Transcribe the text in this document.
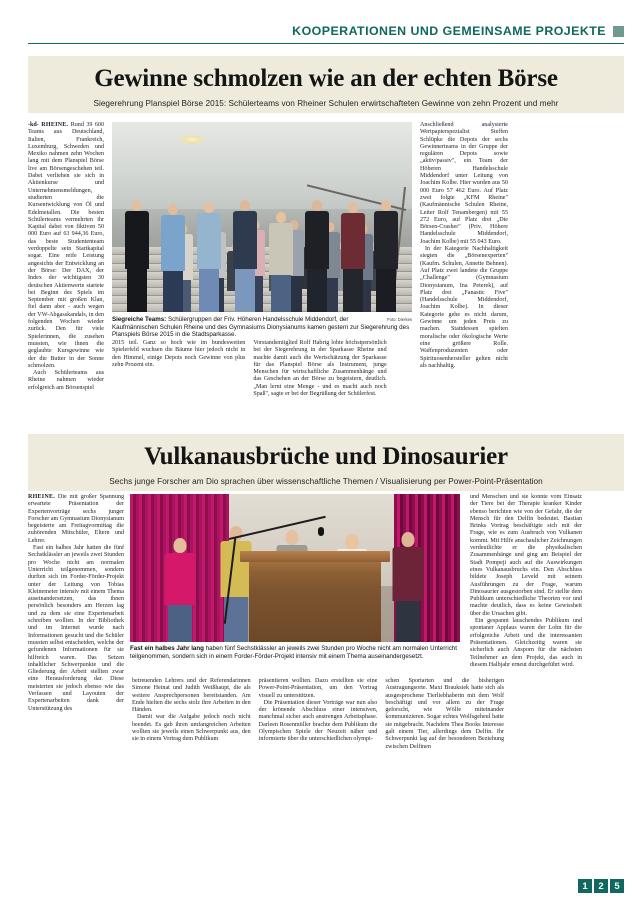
KOOPERATIONEN UND GEMEINSAME PROJEKTE
Gewinne schmolzen wie an der echten Börse
Siegerehrung Planspiel Börse 2015: Schülerteams von Rheiner Schulen erwirtschafteten Gewinne von zehn Prozent und mehr
Foto: Dierkes
Siegreiche Teams: Schülergruppen der Friv. Höheren Handelsschule Middendorf, der Kaufmännischen Schulen Rheine und des Gymnasiums Dionysianums kamen gestern zur Siegerehrung des Planspiels Börse 2015 in die Stadtsparkasse.

-kd- RHEINE. Rund 39 600 Teams aus Deutschland, Italien, Frankreich, Luxemburg, Schweden und Mexiko nahmen zehn Wochen lang mit dem Planspiel Börse live am Börsengeschehen teil. Dabei verliehen sie sich in Aktienkurse und Unternehmensmeldungen, studierten die Kursentwicklung von Öl und Edelmetallen. Die besten Schülerteams vermehrten ihr Kapital dabei von fiktiven 50 000 Euro auf 63 944,36 Euro, das beste Studententeam verdoppelte sein Startkapital sogar. Eine reife Leistung angesichts der Entwicklung an der Börse: Der DAX, der Index der wichtigsten 30 deutschen Aktienwerte startete bei Beginn des Spiels im September mit großen Klan, fiel dann aber - auch wegen der VW-Abgasskandals, in den folgenden Wochen wieder zurück. Den für viele Spielerinnen, die zusehen mussten, wie ihnen die geglaubte Kursgewinne wie der die Butter in der Sonne schmolzen.

Auch Schülerteams aus Rheine nahmen wieder erfolgreich am Börsenspiel

Anschließend analysierte Wertpapierspezialist Steffen Schlüpke die Depots der sechs Gewinnerteams in der Gruppe der regulären Depots sowie „aktiv/passiv", ein Team der Höheren Handelsschule Middendorf unter Leitung von Joachim Kolbe. Hier wurden aus 50 000 Euro 57 462 Euro. Auf Platz zwei folgte „KFM Rheine" (Kaufmännische Schulen Rheine, Leiter Rolf Tenambergen) mit 55 272 Euro, auf Platz drei „Die Börsen-Crasher" (Priv. Höhere Handelsschule Middendorf, Joachim Kolbe) mit 55 043 Euro.

In der Kategorie Nachhaltigkeit siegten die „Börsenexperten" (Kaufm. Schulen, Annette Behnen). Auf Platz zwei landete die Gruppe „Challenge" (Gymnasium Dionysianum, Ina Peterek), auf Platz drei „Fanastic Five" (Handelsschule Middendorf, Joachim Kolbe). In dieser Kategorie gehe es nicht darum, Gewinne um jeden Preis zu machen. Stattdessen spielten moralische oder ökologische Werte eine größere Rolle. Waffenproduzenten oder Spirituosenhersteller gelten nicht als nachhaltig.

2015 teil. Ganz so hoch wie im bundesweiten Spielerfeld wuchsen die Bäume hier jedoch nicht in den Himmel, einige Depots noch Gewinne von plus zehn Prozent ein.

Vorstandsmitglied Rolf Habrig lobte höchstpersönlich bei der Siegerehrung in der Sparkasse Rheine und machte damit auch die Wertschätzung der Sparkasse für das Planspiel Börse als Instrument, junge Menschen für wirtschaftliche Zusammenhänge und das Geschehen an der Börse zu begeistern, deutlich. „Man lernt eine Menge - und es macht auch noch Spaß", sagte er bei der Begrüßung der Schülerfest.

Vulkanausbrüche und Dinosaurier
Sechs junge Forscher am Dio sprachen über wissenschaftliche Themen / Visualisierung per Power-Point-Präsentation
Fast ein halbes Jahr lang haben fünf Sechstklässler an jeweils zwei Stunden pro Woche nicht am normalen Unterricht teilgenommen, sondern sich in einem Forder-Förder-Projekt intensiv mit einem Thema auseinandergesetzt.

RHEINE. Die mit großer Spannung erwartete Präsentation der Expertenvorträge sechs junger Forscher am Gymnasium Dionysianum begeisterte am Freitagvormittag die zuhörenden Mitschüler, Eltern und Lehrer.

Fast ein halbes Jahr hatten die fünf Sechstklässler an jeweils zwei Stunden pro Woche nicht am normalen Unterricht teilgenommen, sondern durften sich im Forder-Förder-Projekt unter der Leitung von Tobias Kleinemeier intensiv mit einem Thema auseinandersetzen, das ihnen persönlich besonders am Herzen lag und zu dem sie eine Expertenarbeit schreiben wollten. In der Bibliothek und im Internet wurde nach Informationen gesucht und die Schüler mussten selbst entscheiden, welche der gefundenen Informationen für sie hilfreich waren. Das Setzen inhaltlicher Schwerpunkte und die Gliederung der Arbeit stellten zwar eine Herausforderung dar. Diese meisterten sie jedoch ebenso wie das Verfassen und Layouten der Expertenarbeiten dank der Unterstützung des

und Menschen und sie konnte vom Einsatz der Tiere bei der Therapie kranker Kinder ebenso berichten wie von der Gefahr, die der Mensch für den Delfin bedeutet. Bastian Brinks Vortrag beschäftigte sich mit der Frage, wie es zum Ausbruch von Vulkanen kommt. Mit Hilfe anschaulicher Zeichnungen verdeutlichte er die physikalischen Zusammenhänge und ging am Beispiel der Stadt Pompeji auch auf die Auswirkungen eines Vulkanausbruchs ein. Den Abschluss bildete Joseph Leveld mit seinem Ausführungen zu der Frage, warum Dinosaurier ausgestorben sind. Er stellte dem Publikum unterschiedliche Theorien vor und machte deutlich, dass es keine Gewissheit über die Ursachen gibt.

Ein gespannt lauschendes Publikum und spontaner Applaus waren der Lohn für die erfolgreiche Arbeit und die interessanten Präsentationen. Gleichzeitig waren sie sicherlich auch Ansporn für die nächsten Teilnehmer an dem Projekt, das auch in diesem Halbjahr erneut durchgeführt wird.

betreuenden Lehrers und der Referendarinnen Simone Heinat und Judith Weißhaupt, die als weitere Ansprechpersonen bereitstanden. Am Ende hielten die sechs stolz ihre Arbeiten in den Händen.

Damit war die Aufgabe jedoch noch nicht beendet. Es gab ihren umfangreichen Arbeiten wollten sie jeweils einen Schwerpunkt aus, den sie in einem Vortrag dem Publikum

präsentieren wollten. Dazu erstellten sie eine Power-Point-Präsentation, um den Vortrag visuell zu unterstützen.

Die Präsentation dieser Vorträge war nun also der krönende Abschluss einer intensiven, manchmal sicher auch anstrengen Arbeitsphase. Darleen Rosenmüller brachte dem Publikum die Olympischen Spiele der Neuzeit näher und informierte über die unterschiedlichen olympi-

schen Sportarten und die bisherigen Austragungsorte. Maxi Brauksiek hatte sich als ausgesprochene Tierliebhaberin mit dem Wolf beschäftigt und vor allem zu der Frage geforscht, wie Wölfe miteinander kommunizieren. Sogar echtes Wolfsgeheul hatte sie mitgebracht. Nachdem Thea Books Interesse galt einem Tier, allerdings dem Delfin. Ihr Schwerpunkt lag auf der besonderen Beziehung zwischen Delfinen

1	2	5
